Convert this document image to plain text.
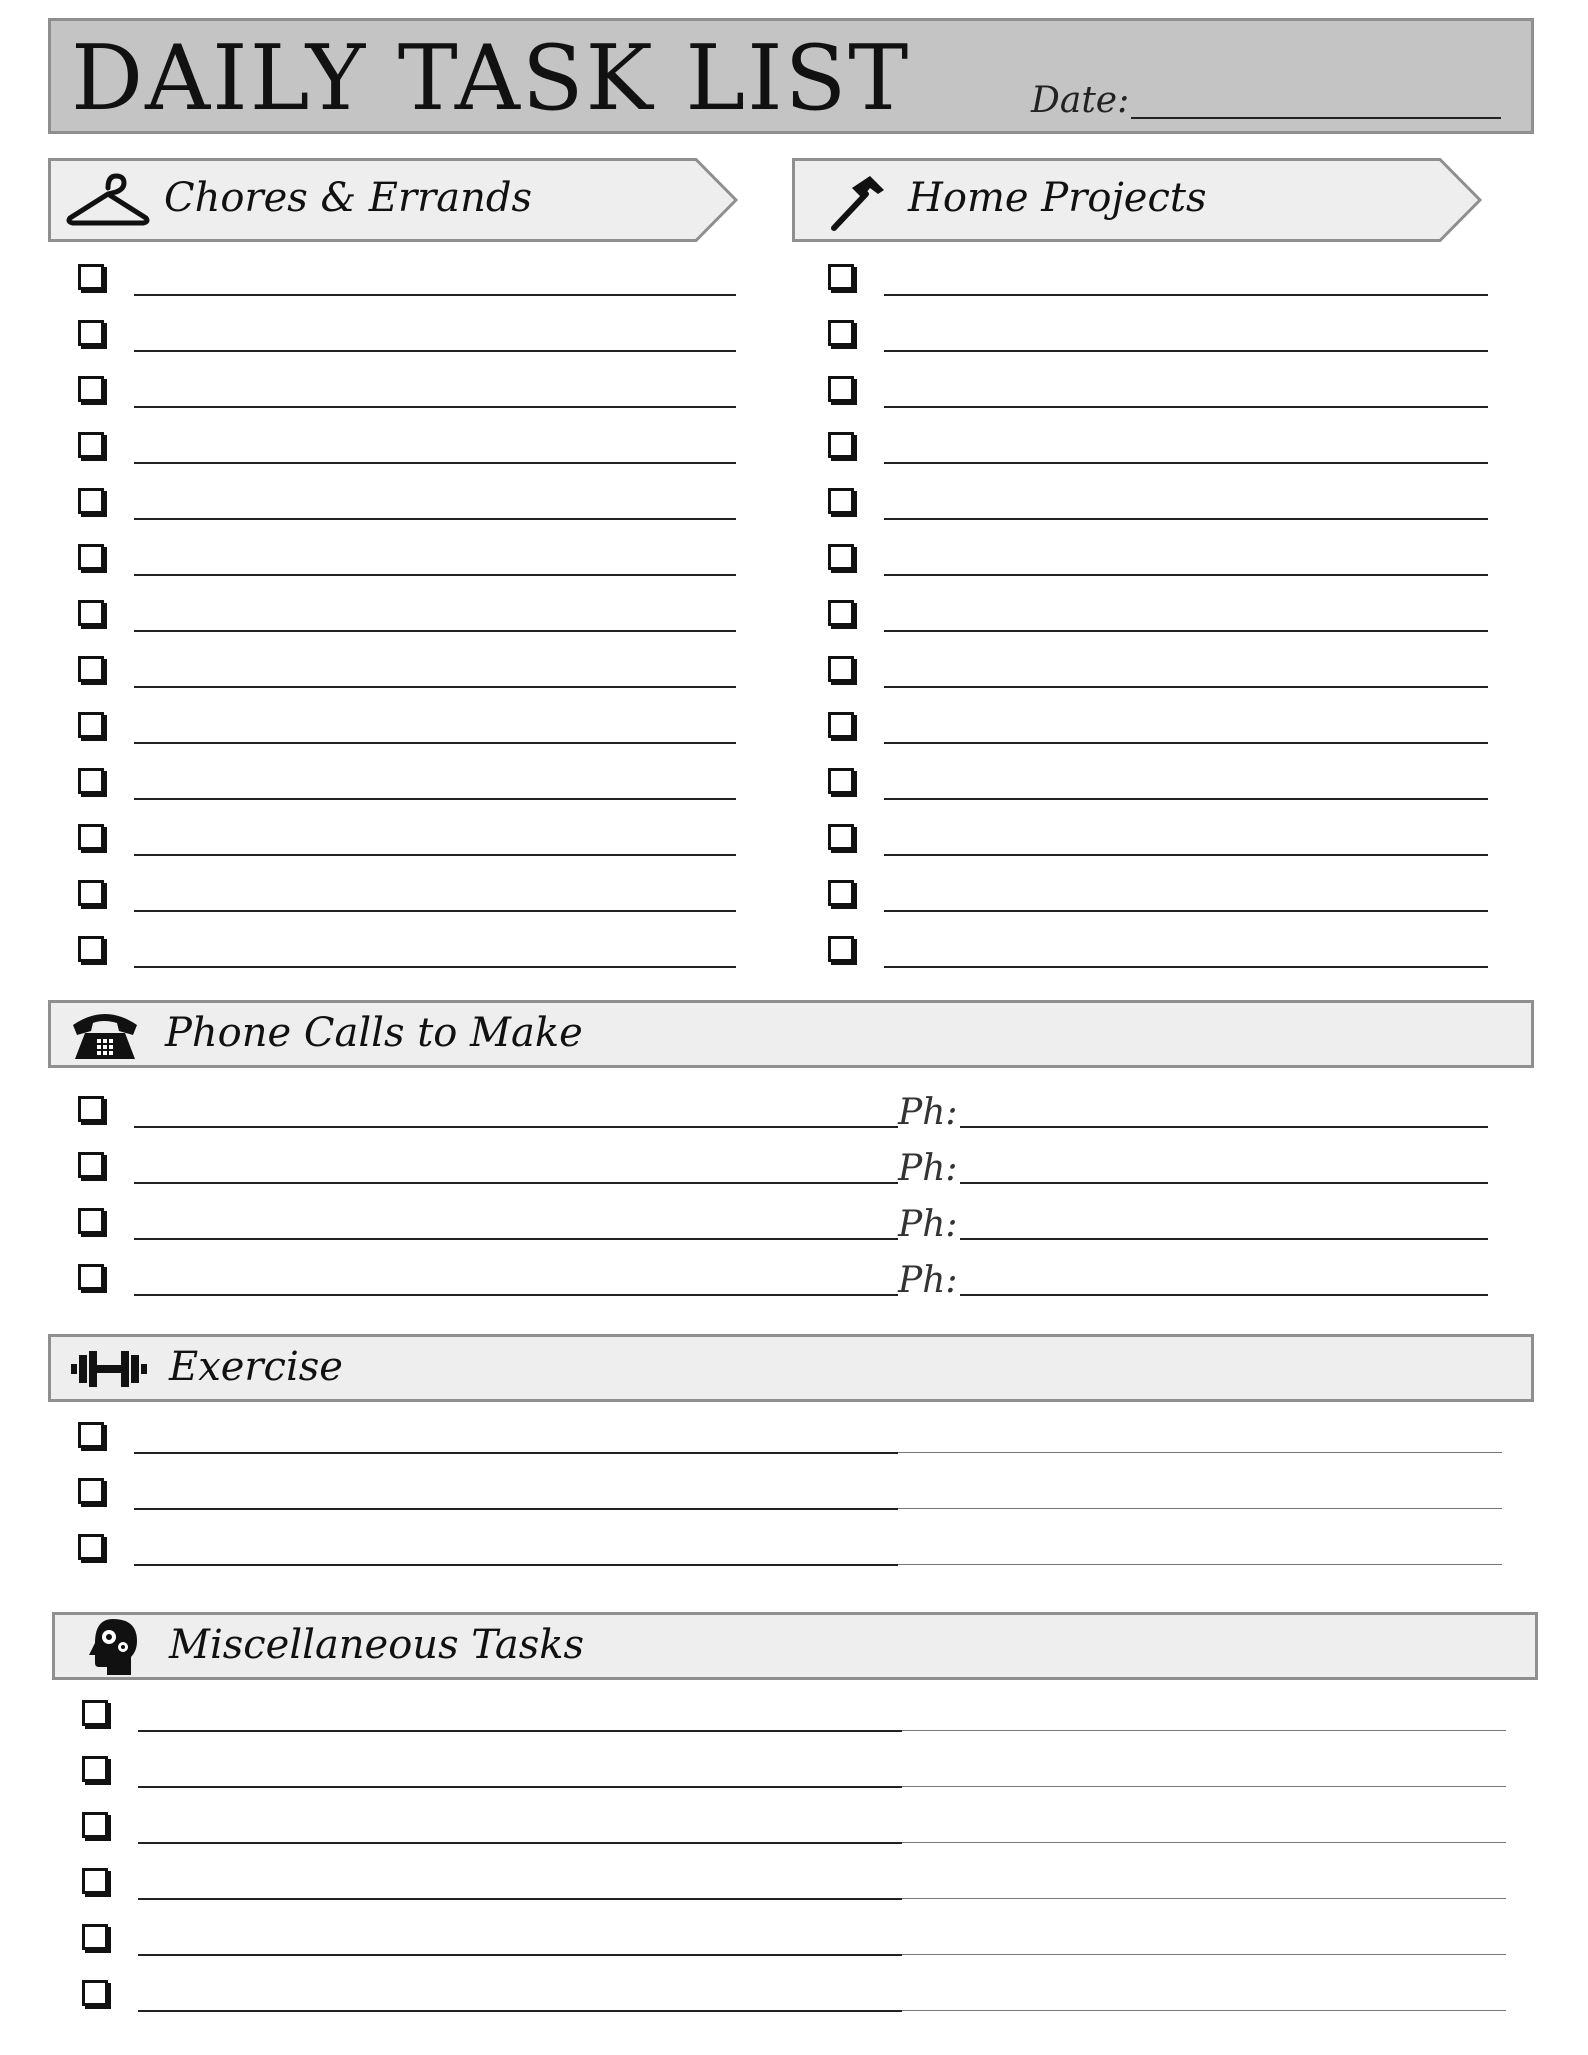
DAILY TASK LIST	Date:
Chores & Errands	Home Projects
Phone Calls to Make
Exercise
Miscellaneous Tasks
Ph:
Ph:
Ph:
Ph:
